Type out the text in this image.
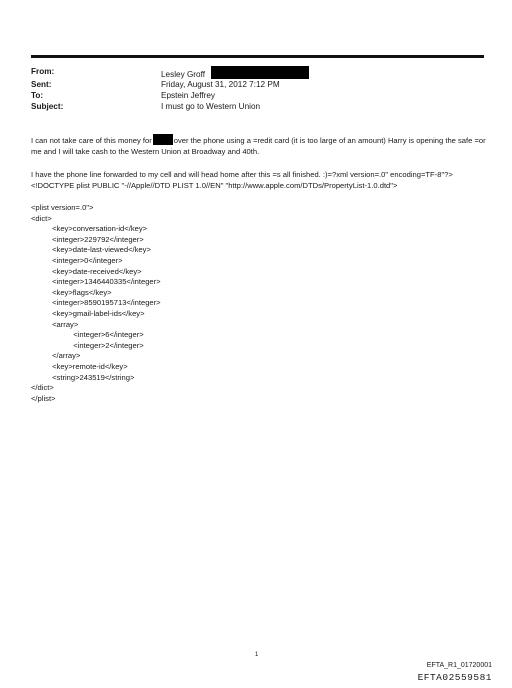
From:	Lesley Groff
Sent:	Friday, August 31, 2012 7:12 PM
To:	Epstein Jeffrey
Subject:	I must go to Western Union

I can not take care of this money for	over the phone using a =redit card (it is too large of an amount) Harry is opening the safe =or me and I will take cash to the Western Union at Broadway and 40th.

I have the phone line forwarded to my cell and will head home after this =s all finished. :)=?xml version=.0" encoding=TF-8"?> <!DOCTYPE plist PUBLIC "-//Apple//DTD PLIST 1.0//EN" "http://www.apple.com/DTDs/PropertyList-1.0.dtd">

<plist version=.0">
<dict>
<key>conversation-id</key>
<integer>229792</integer>
<key>date-last-viewed</key>
<integer>0</integer>
<key>date-received</key>
<integer>1346440335</integer>
<key>flags</key>
<integer>8590195713</integer>
<key>gmail-label-ids</key>
<array>
<integer>6</integer>
<integer>2</integer>
</array>
<key>remote-id</key>
<string>243519</string>
</dict>
</plist>
1
EFTA_R1_01720001
EFTA02559581
